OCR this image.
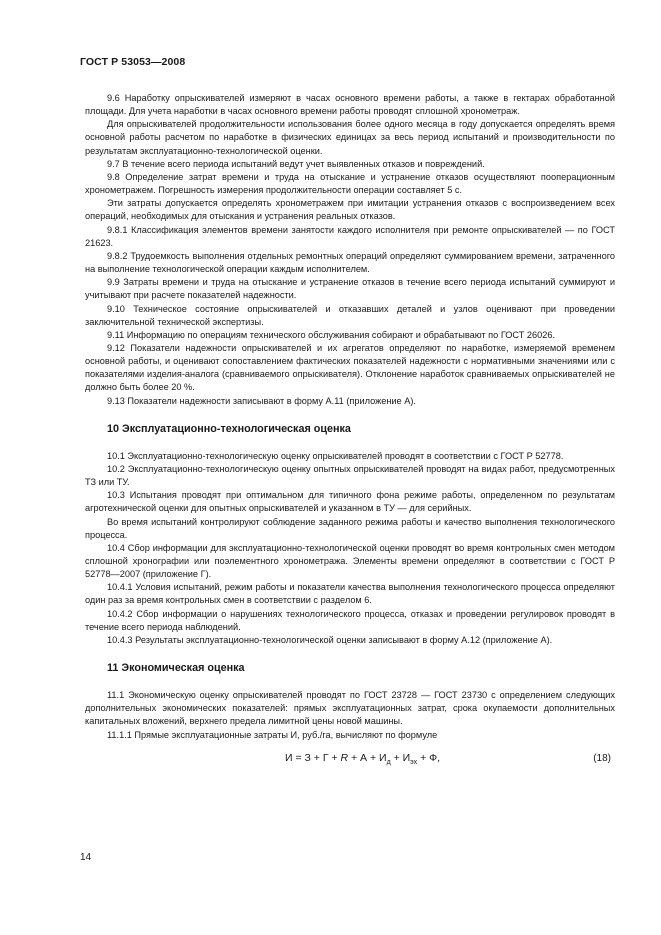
ГОСТ Р 53053—2008

9.6 Наработку опрыскивателей измеряют в часах основного времени работы, а также в гектарах обработанной площади. Для учета наработки в часах основного времени работы проводят сплошной хронометраж.

Для опрыскивателей продолжительности использования более одного месяца в году допускается определять время основной работы расчетом по наработке в физических единицах за весь период испытаний и производительности по результатам эксплуатационно-технологической оценки.

9.7 В течение всего периода испытаний ведут учет выявленных отказов и повреждений.

9.8 Определение затрат времени и труда на отыскание и устранение отказов осуществляют пооперационным хронометражем. Погрешность измерения продолжительности операции составляет 5 с.

Эти затраты допускается определять хронометражем при имитации устранения отказов с воспроизведением всех операций, необходимых для отыскания и устранения реальных отказов.

9.8.1 Классификация элементов времени занятости каждого исполнителя при ремонте опрыскивателей — по ГОСТ 21623.

9.8.2 Трудоемкость выполнения отдельных ремонтных операций определяют суммированием времени, затраченного на выполнение технологической операции каждым исполнителем.

9.9 Затраты времени и труда на отыскание и устранение отказов в течение всего периода испытаний суммируют и учитывают при расчете показателей надежности.

9.10 Техническое состояние опрыскивателей и отказавших деталей и узлов оценивают при проведении заключительной технической экспертизы.

9.11 Информацию по операциям технического обслуживания собирают и обрабатывают по ГОСТ 26026.

9.12 Показатели надежности опрыскивателей и их агрегатов определяют по наработке, измеряемой временем основной работы, и оценивают сопоставлением фактических показателей надежности с нормативными значениями или с показателями изделия-аналога (сравниваемого опрыскивателя). Отклонение наработок сравниваемых опрыскивателей не должно быть более 20 %.

9.13 Показатели надежности записывают в форму А.11 (приложение А).

10 Эксплуатационно-технологическая оценка

10.1 Эксплуатационно-технологическую оценку опрыскивателей проводят в соответствии с ГОСТ Р 52778.

10.2 Эксплуатационно-технологическую оценку опытных опрыскивателей проводят на видах работ, предусмотренных ТЗ или ТУ.

10.3 Испытания проводят при оптимальном для типичного фона режиме работы, определенном по результатам агротехнической оценки для опытных опрыскивателей и указанном в ТУ — для серийных.

Во время испытаний контролируют соблюдение заданного режима работы и качество выполнения технологического процесса.

10.4 Сбор информации для эксплуатационно-технологической оценки проводят во время контрольных смен методом сплошной хронографии или поэлементного хронометража. Элементы времени определяют в соответствии с ГОСТ Р 52778—2007 (приложение Г).

10.4.1 Условия испытаний, режим работы и показатели качества выполнения технологического процесса определяют один раз за время контрольных смен в соответствии с разделом 6.

10.4.2 Сбор информации о нарушениях технологического процесса, отказах и проведении регулировок проводят в течение всего периода наблюдений.

10.4.3 Результаты эксплуатационно-технологической оценки записывают в форму А.12 (приложение А).

11 Экономическая оценка

11.1 Экономическую оценку опрыскивателей проводят по ГОСТ 23728 — ГОСТ 23730 с определением следующих дополнительных экономических показателей: прямых эксплуатационных затрат, срока окупаемости дополнительных капитальных вложений, верхнего предела лимитной цены новой машины.

11.1.1 Прямые эксплуатационные затраты И, руб./га, вычисляют по формуле

$И = З + Г + R + А + И_д + И_{эх} + Ф$,	(18)
14
